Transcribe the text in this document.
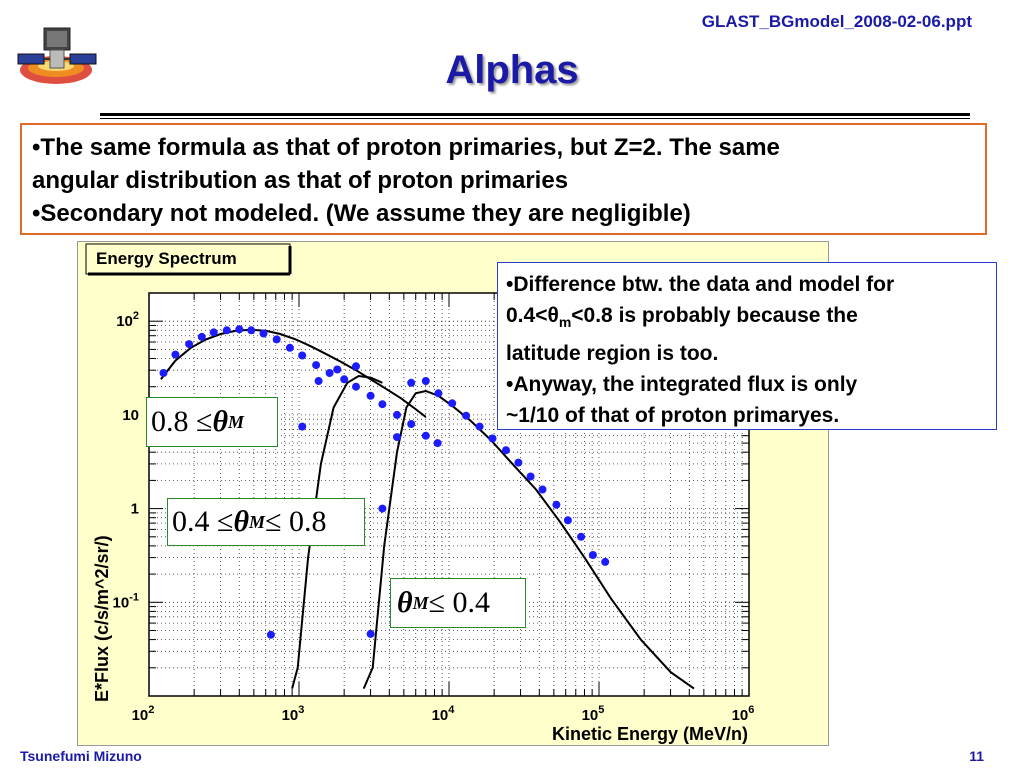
GLAST_BGmodel_2008-02-06.ppt
Alphas
•The same formula as that of proton primaries, but Z=2. The same
angular distribution as that of proton primaries
•Secondary not modeled. (We assume they are negligible)
Energy Spectrum
$10^2$	$10^3$	$10^4$	$10^5$	$10^6$
$10^{-1}$
1
10
$10^2$
Kinetic Energy (MeV/n)
E*Flux (c/s/m^2/sr/)
0.8 ≤ θ M
0.4 ≤ θ M ≤ 0.8
θ M ≤ 0.4
•Difference btw. the data and model for
$0.4<\theta_m<0.8$ is probably because the
latitude region is too.
•Anyway, the integrated flux is only
~1/10 of that of proton primaryes.
Tsunefumi Mizuno	11
